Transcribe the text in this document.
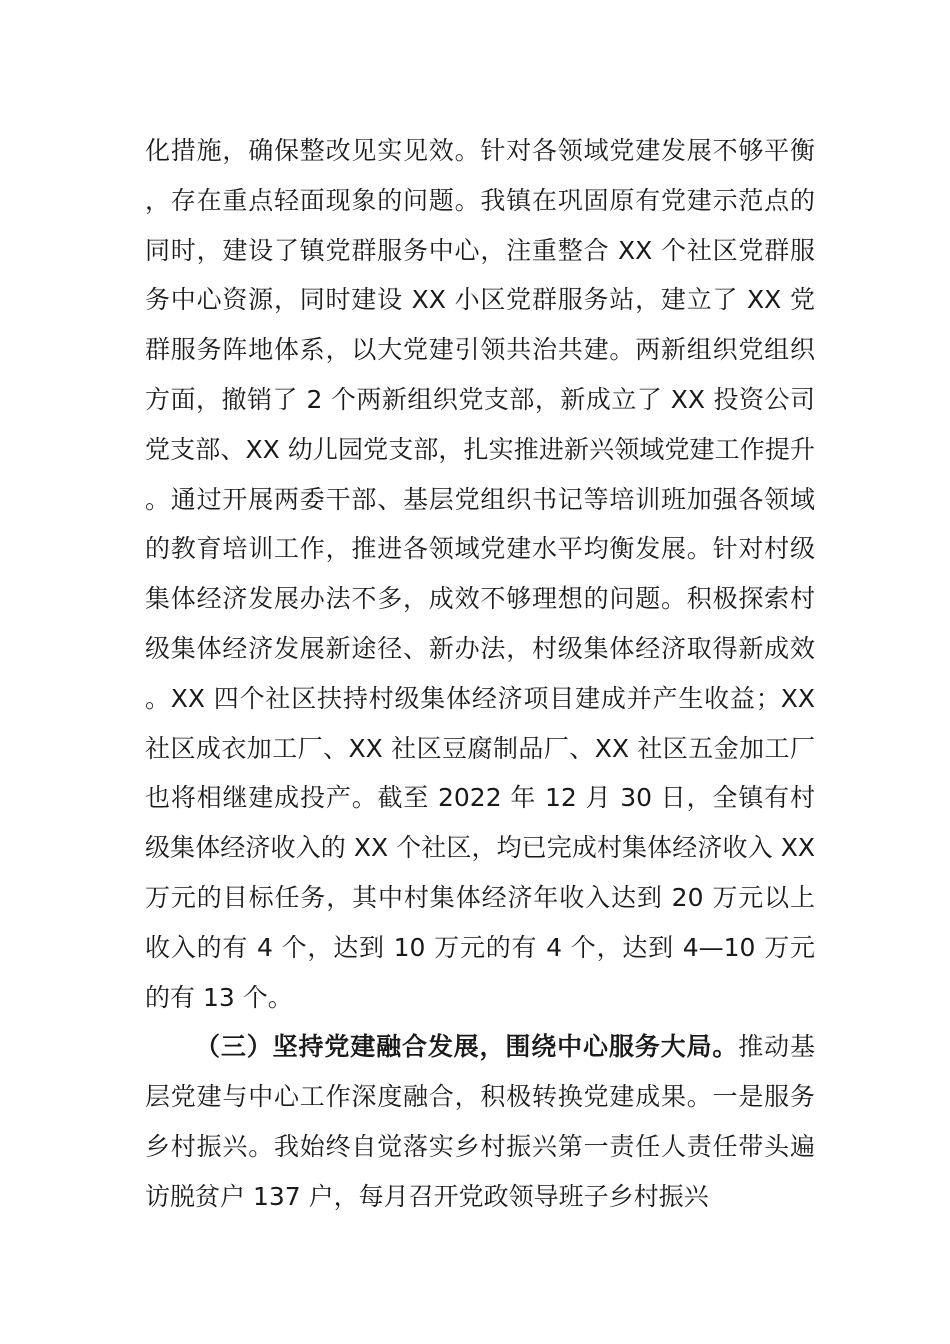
化措施，确保整改见实见效。针对各领域党建发展不够平衡，存在重点轻面现象的问题。我镇在巩固原有党建示范点的同时，建设了镇党群服务中心，注重整合 XX 个社区党群服务中心资源，同时建设 XX 小区党群服务站，建立了 XX 党群服务阵地体系，以大党建引领共治共建。两新组织党组织方面，撤销了 2 个两新组织党支部，新成立了 XX 投资公司党支部、XX 幼儿园党支部，扎实推进新兴领域党建工作提升。通过开展两委干部、基层党组织书记等培训班加强各领域的教育培训工作，推进各领域党建水平均衡发展。针对村级集体经济发展办法不多，成效不够理想的问题。积极探索村级集体经济发展新途径、新办法，村级集体经济取得新成效。XX 四个社区扶持村级集体经济项目建成并产生收益；XX 社区成衣加工厂、XX 社区豆腐制品厂、XX 社区五金加工厂也将相继建成投产。截至 2022 年 12 月 30 日，全镇有村级集体经济收入的 XX 个社区，均已完成村集体经济收入 XX 万元的目标任务，其中村集体经济年收入达到 20 万元以上收入的有 4 个，达到 10 万元的有 4 个，达到 4—10 万元的有 13 个。

（三）坚持党建融合发展，围绕中心服务大局。推动基层党建与中心工作深度融合，积极转换党建成果。一是服务乡村振兴。我始终自觉落实乡村振兴第一责任人责任带头遍访脱贫户 137 户，每月召开党政领导班子乡村振兴
